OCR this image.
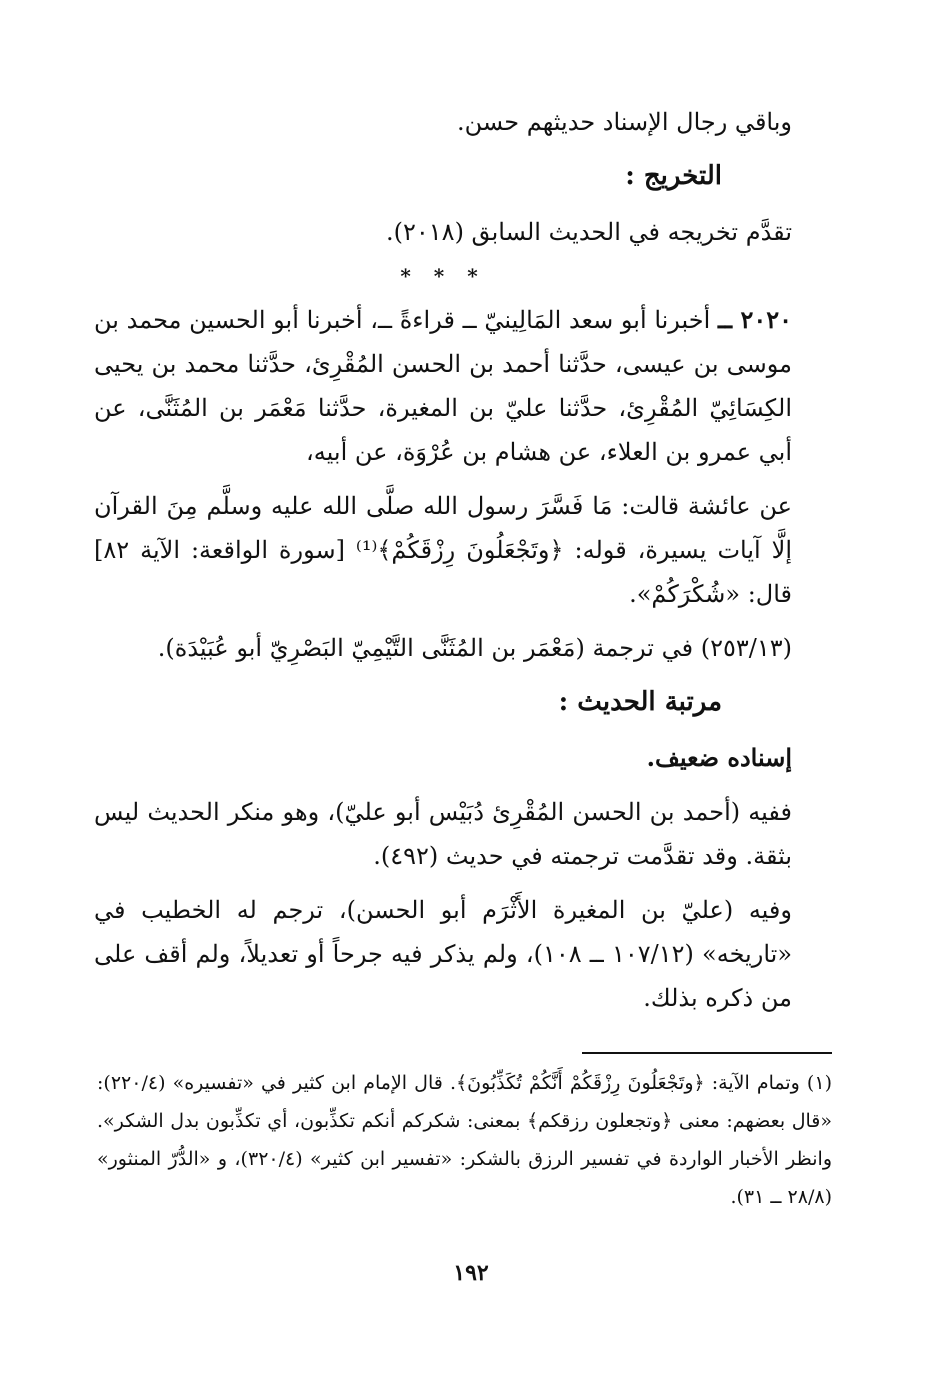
وباقي رجال الإسناد حديثهم حسن.

التخريج :

تقدَّم تخريجه في الحديث السابق (٢٠١٨).

* * *

٢٠٢٠ ــ أخبرنا أبو سعد المَالِينيّ ــ قراءةً ــ، أخبرنا أبو الحسين محمد بن موسى بن عيسى، حدَّثنا أحمد بن الحسن المُقْرِئ، حدَّثنا محمد بن يحيى الكِسَائِيّ المُقْرِئ، حدَّثنا عليّ بن المغيرة، حدَّثنا مَعْمَر بن المُثَنَّى، عن أبي عمرو بن العلاء، عن هشام بن عُرْوَة، عن أبيه،

عن عائشة قالت: مَا فَسَّرَ رسول الله صلَّى الله عليه وسلَّم مِنَ القرآن إلَّا آيات يسيرة، قوله: ﴿وتَجْعَلُونَ رِزْقَكُمْ﴾⁽¹⁾ [سورة الواقعة: الآية ٨٢] قال: «شُكْرَكُمْ».

(٢٥٣/١٣) في ترجمة (مَعْمَر بن المُثَنَّى التَّيْمِيّ البَصْرِيّ أبو عُبَيْدَة).

مرتبة الحديث :

إسناده ضعيف.

ففيه (أحمد بن الحسن المُقْرِئ دُبَيْس أبو عليّ)، وهو منكر الحديث ليس بثقة. وقد تقدَّمت ترجمته في حديث (٤٩٢).

وفيه (عليّ بن المغيرة الأَثْرَم أبو الحسن)، ترجم له الخطيب في «تاريخه» (١٠٧/١٢ ــ ١٠٨)، ولم يذكر فيه جرحاً أو تعديلاً، ولم أقف على من ذكره بذلك.

(١) وتمام الآية: ﴿وتَجْعَلُونَ رِزْقَكُمْ أَنَّكُمْ تُكَذِّبُونَ﴾. قال الإمام ابن كثير في «تفسيره» (٢٢٠/٤): «قال بعضهم: معنى ﴿وتجعلون رزقكم﴾ بمعنى: شكركم أنكم تكذِّبون، أي تكذِّبون بدل الشكر». وانظر الأخبار الواردة في تفسير الرزق بالشكر: «تفسير ابن كثير» (٣٢٠/٤)، و «الدُّرّ المنثور» (٢٨/٨ ــ ٣١).

١٩٢
